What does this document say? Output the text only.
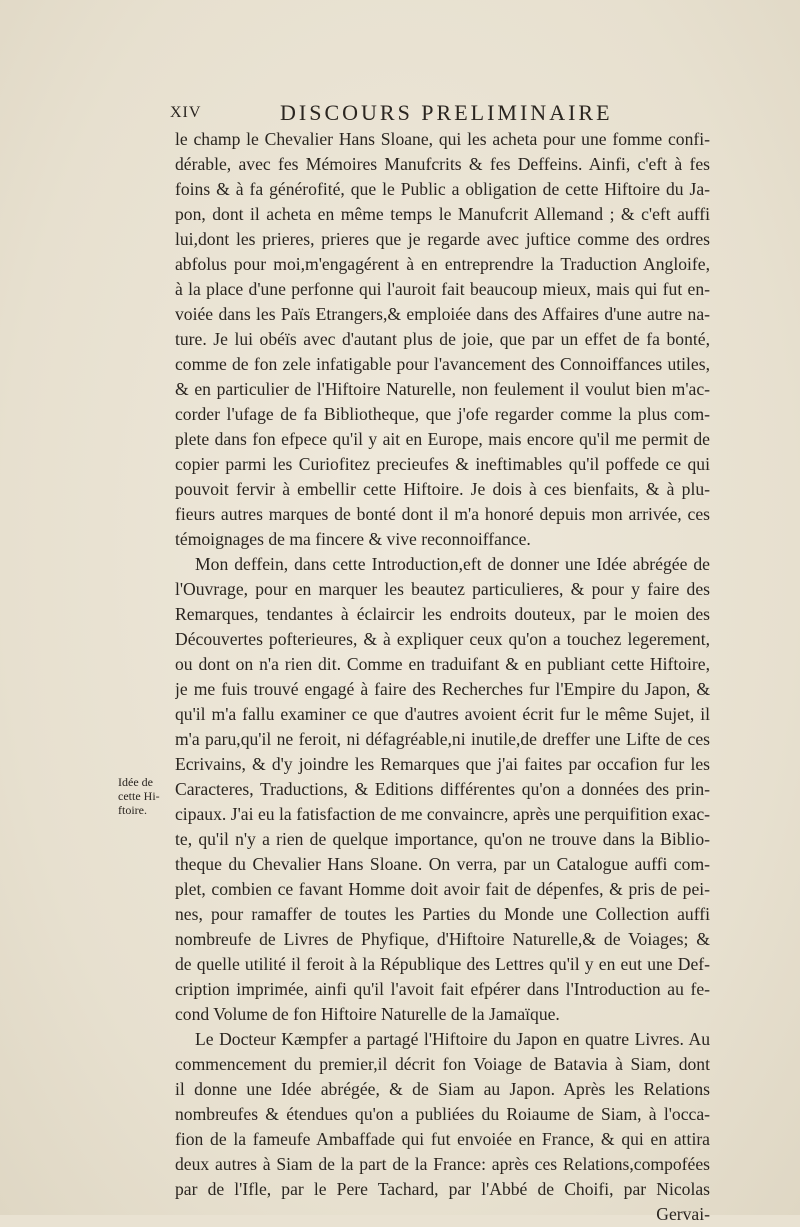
XIV	DISCOURS PRELIMINAIRE
Idée de
cette Hi-
ftoire.
le champ le Chevalier Hans Sloane, qui les acheta pour une fomme confi-
dérable, avec fes Mémoires Manufcrits & fes Deffeins. Ainfi, c'eft à fes
foins & à fa générofité, que le Public a obligation de cette Hiftoire du Ja-
pon, dont il acheta en même temps le Manufcrit Allemand ; & c'eft auffi
lui,dont les prieres, prieres que je regarde avec juftice comme des ordres
abfolus pour moi,m'engagérent à en entreprendre la Traduction Angloife,
à la place d'une perfonne qui l'auroit fait beaucoup mieux, mais qui fut en-
voiée dans les Païs Etrangers,& emploiée dans des Affaires d'une autre na-
ture. Je lui obéïs avec d'autant plus de joie, que par un effet de fa bonté,
comme de fon zele infatigable pour l'avancement des Connoiffances utiles,
& en particulier de l'Hiftoire Naturelle, non feulement il voulut bien m'ac-
corder l'ufage de fa Bibliotheque, que j'ofe regarder comme la plus com-
plete dans fon efpece qu'il y ait en Europe, mais encore qu'il me permit de
copier parmi les Curiofitez precieufes & ineftimables qu'il poffede ce qui
pouvoit fervir à embellir cette Hiftoire. Je dois à ces bienfaits, & à plu-
fieurs autres marques de bonté dont il m'a honoré depuis mon arrivée, ces
témoignages de ma fincere & vive reconnoiffance.
Mon deffein, dans cette Introduction,eft de donner une Idée abrégée de
l'Ouvrage, pour en marquer les beautez particulieres, & pour y faire des
Remarques, tendantes à éclaircir les endroits douteux, par le moien des
Découvertes pofterieures, & à expliquer ceux qu'on a touchez legerement,
ou dont on n'a rien dit. Comme en traduifant & en publiant cette Hiftoire,
je me fuis trouvé engagé à faire des Recherches fur l'Empire du Japon, &
qu'il m'a fallu examiner ce que d'autres avoient écrit fur le même Sujet, il
m'a paru,qu'il ne feroit, ni défagréable,ni inutile,de dreffer une Lifte de ces
Ecrivains, & d'y joindre les Remarques que j'ai faites par occafion fur les
Caracteres, Traductions, & Editions différentes qu'on a données des prin-
cipaux. J'ai eu la fatisfaction de me convaincre, après une perquifition exac-
te, qu'il n'y a rien de quelque importance, qu'on ne trouve dans la Biblio-
theque du Chevalier Hans Sloane. On verra, par un Catalogue auffi com-
plet, combien ce favant Homme doit avoir fait de dépenfes, & pris de pei-
nes, pour ramaffer de toutes les Parties du Monde une Collection auffi
nombreufe de Livres de Phyfique, d'Hiftoire Naturelle,& de Voiages; &
de quelle utilité il feroit à la République des Lettres qu'il y en eut une Def-
cription imprimée, ainfi qu'il l'avoit fait efpérer dans l'Introduction au fe-
cond Volume de fon Hiftoire Naturelle de la Jamaïque.
Le Docteur Kæmpfer a partagé l'Hiftoire du Japon en quatre Livres. Au
commencement du premier,il décrit fon Voiage de Batavia à Siam, dont
il donne une Idée abrégée, & de Siam au Japon. Après les Relations
nombreufes & étendues qu'on a publiées du Roiaume de Siam, à l'occa-
fion de la fameufe Ambaffade qui fut envoiée en France, & qui en attira
deux autres à Siam de la part de la France: après ces Relations,compofées
par de l'Ifle, par le Pere Tachard, par l'Abbé de Choifi, par Nicolas
Gervai-
